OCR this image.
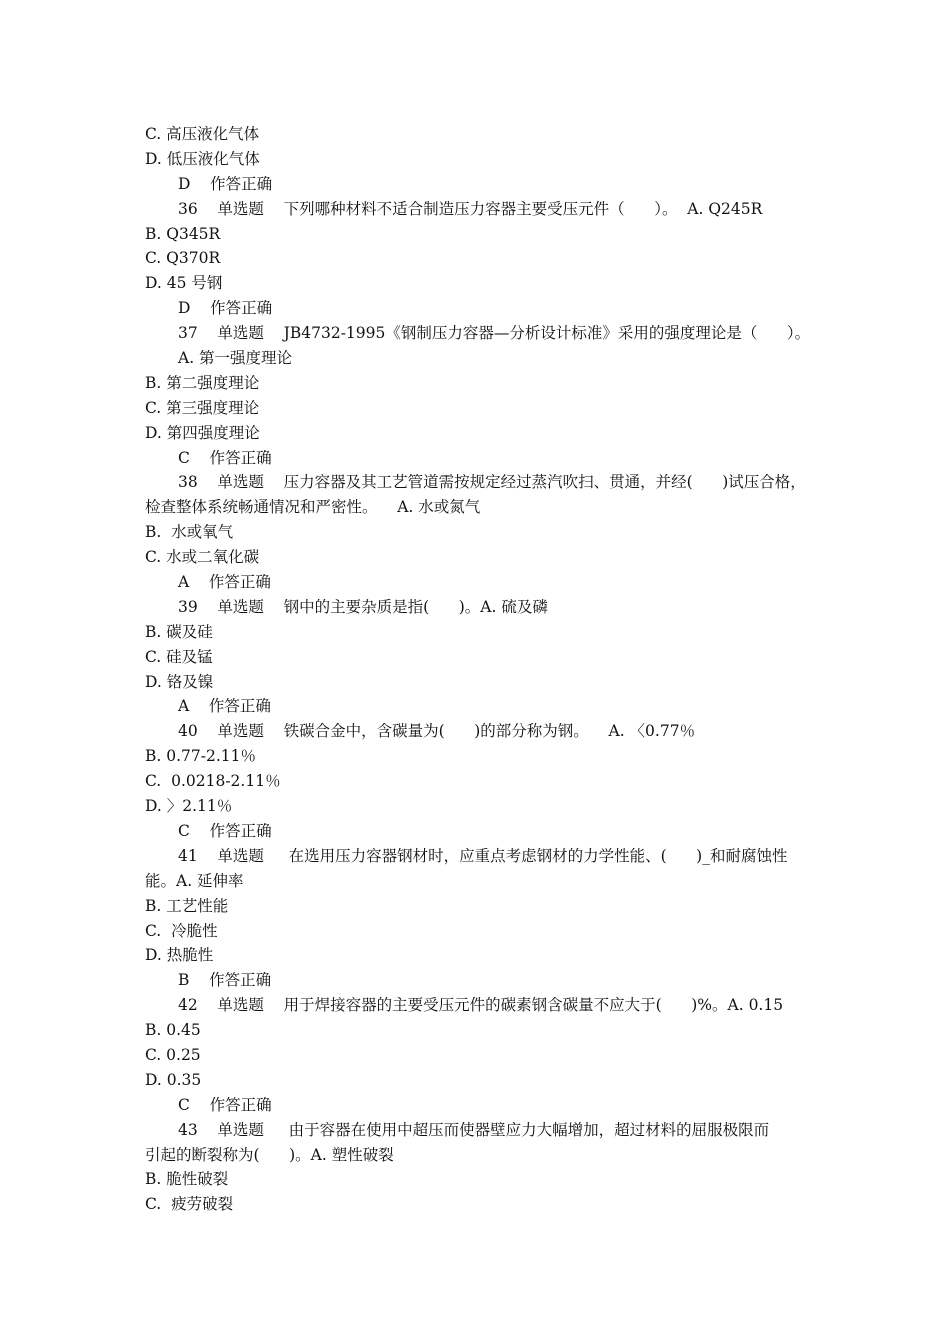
C. 高压液化气体
D. 低压液化气体
D    作答正确
36    单选题    下列哪种材料不适合制造压力容器主要受压元件（      ）。  A. Q245R
B. Q345R
C. Q370R
D. 45 号钢
D    作答正确
37    单选题    JB4732-1995《钢制压力容器—分析设计标准》采用的强度理论是（      ）。
A. 第一强度理论
B. 第二强度理论
C. 第三强度理论
D. 第四强度理论
C    作答正确
38    单选题    压力容器及其工艺管道需按规定经过蒸汽吹扫、贯通，并经(      )试压合格，
检查整体系统畅通情况和严密性。    A. 水或氮气
B.  水或氧气
C. 水或二氧化碳
A    作答正确
39    单选题    钢中的主要杂质是指(      )。A. 硫及磷
B. 碳及硅
C. 硅及锰
D. 铬及镍
A    作答正确
40    单选题    铁碳合金中，含碳量为(      )的部分称为钢。    A. 〈0.77％
B. 0.77-2.11％
C.  0.0218-2.11％
D. 〉2.11％
C    作答正确
41    单选题     在选用压力容器钢材时，应重点考虑钢材的力学性能、(      )_和耐腐蚀性
能。A. 延伸率
B. 工艺性能
C.  冷脆性
D. 热脆性
B    作答正确
42    单选题    用于焊接容器的主要受压元件的碳素钢含碳量不应大于(      )%。A. 0.15
B. 0.45
C. 0.25
D. 0.35
C    作答正确
43    单选题     由于容器在使用中超压而使器壁应力大幅增加，超过材料的屈服极限而
引起的断裂称为(      )。A. 塑性破裂
B. 脆性破裂
C.  疲劳破裂
